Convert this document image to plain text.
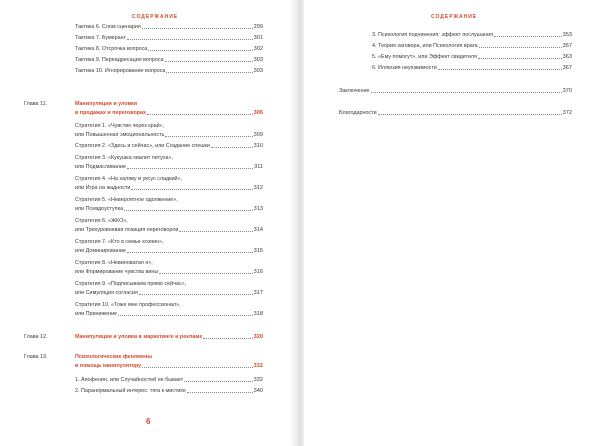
СОДЕРЖАНИЕ
Тактика 6. Слом сценария	299
Тактика 7. Бумеранг	301
Тактика 8. Отсрочка вопроса	302
Тактика 9. Переадресация вопроса	303
Тактика 10. Игнорирование вопроса	303
Глава 11.	Манипуляции и уловки
в продажах и переговорах	306
Стратегия 1. «Чувство через край»,
или Повышенная эмоциональность	309
Стратегия 2. «Здесь и сейчас», или Создание спешки	310
Стратегия 3. «Кукушка хвалит петуха»,
или Подмасливание	311
Стратегия 4. «На халяву и уксус сладкий»,
или Игра на жадности	312
Стратегия 5. «Невероятное одолжение»,
или Псевдоуступка	313
Стратегия 6. «ЖКО»,
или Трехуровневая позиция переговоров	314
Стратегия 7. «Кто в семье хозяин»,
или Доминирование	315
Стратегия 8. «Невиноватая я»,
или Формирование чувства вины	316
Стратегия 9. «Подписываем прямо сейчас»,
или Симуляция согласия	317
Стратегия 10. «Тоже мне профессионал»,
или Принижение	318
Глава 12.	Манипуляции и уловки в маркетинге и рекламе	320
Глава 13.	Психологические феномены
в помощь манипулятору	332
1. Апофения, или Случайностей не бывает	332
2. Паранормальный интерес: тяга к мистике	340
6
СОДЕРЖАНИЕ
3. Психология подчинения: эффект послушания	353
4. Теория заговора, или Психология врага	357
5. «Ему помогут», или Эффект свидетеля	363
6. Иллюзия неуязвимости	367
Заключение	370
Благодарности	372
